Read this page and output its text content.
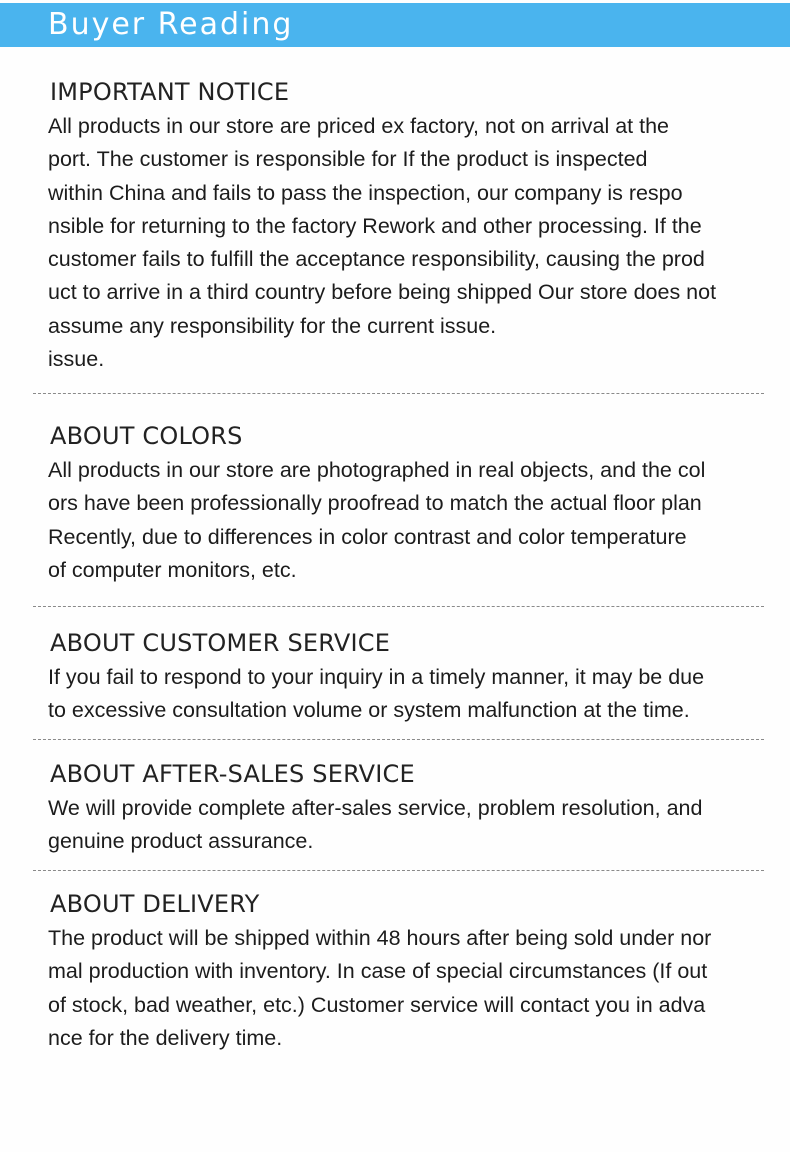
Buyer Reading
IMPORTANT NOTICE
All products in our store are priced ex factory, not on arrival at the
port. The customer is responsible for If the product is inspected
within China and fails to pass the inspection, our company is respo
nsible for returning to the factory Rework and other processing. If the
customer fails to fulfill the acceptance responsibility, causing the prod
uct to arrive in a third country before being shipped Our store does not
assume any responsibility for the current issue.
issue.
ABOUT COLORS
All products in our store are photographed in real objects, and the col
ors have been professionally proofread to match the actual floor plan
Recently, due to differences in color contrast and color temperature
of computer monitors, etc.
ABOUT CUSTOMER SERVICE
If you fail to respond to your inquiry in a timely manner, it may be due
to excessive consultation volume or system malfunction at the time.
ABOUT AFTER-SALES SERVICE
We will provide complete after-sales service, problem resolution, and
genuine product assurance.
ABOUT DELIVERY
The product will be shipped within 48 hours after being sold under nor
mal production with inventory. In case of special circumstances (If out
of stock, bad weather, etc.) Customer service will contact you in adva
nce for the delivery time.
